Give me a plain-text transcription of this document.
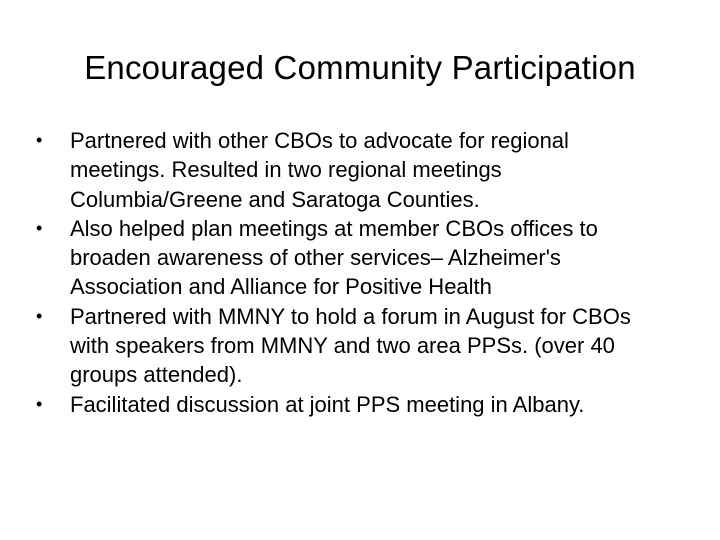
Encouraged Community Participation
•	Partnered with other CBOs to advocate for regional meetings. Resulted in two regional meetings Columbia/Greene and Saratoga Counties.
•	Also helped plan meetings at member CBOs offices to broaden awareness of other services– Alzheimer's Association and Alliance for Positive Health
•	Partnered with MMNY to hold a forum in August for CBOs with speakers from MMNY and two area PPSs. (over 40 groups attended).
•	Facilitated discussion at joint PPS meeting in Albany.
